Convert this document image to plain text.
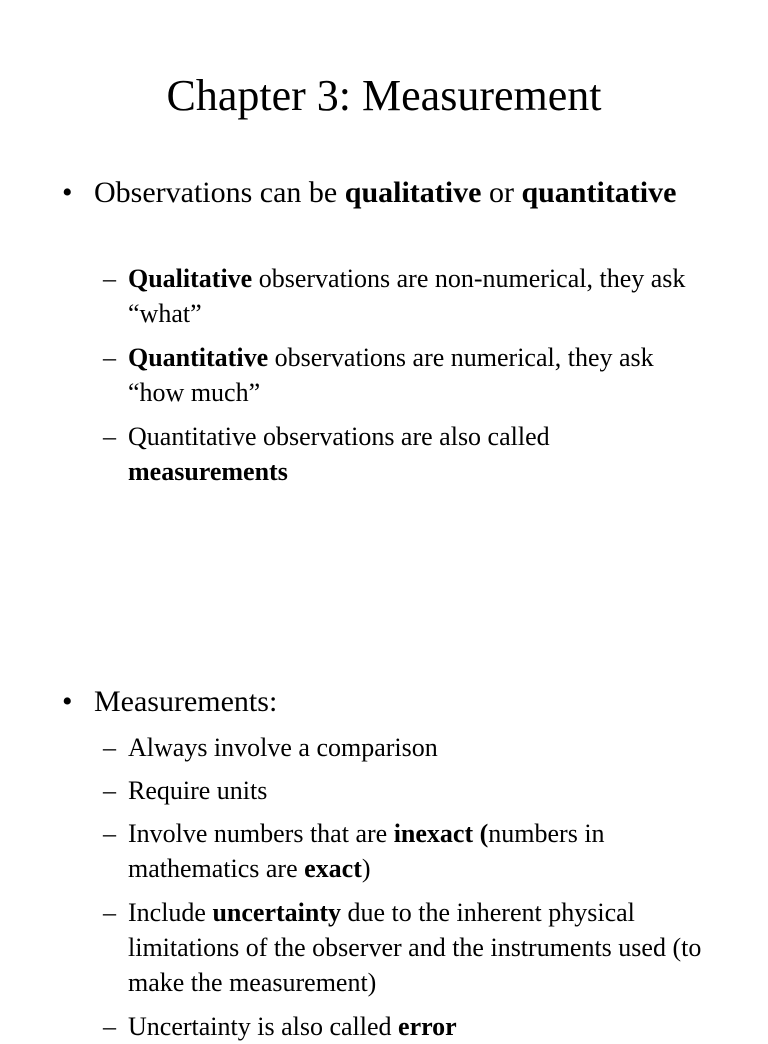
Chapter 3: Measurement
• Observations can be qualitative or quantitative
– Qualitative observations are non-numerical, they ask “what”
– Quantitative observations are numerical, they ask “how much”
– Quantitative observations are also called measurements
• Measurements:
– Always involve a comparison
– Require units
– Involve numbers that are inexact (numbers in mathematics are exact)
– Include uncertainty due to the inherent physical limitations of the observer and the instruments used (to make the measurement)
– Uncertainty is also called error
